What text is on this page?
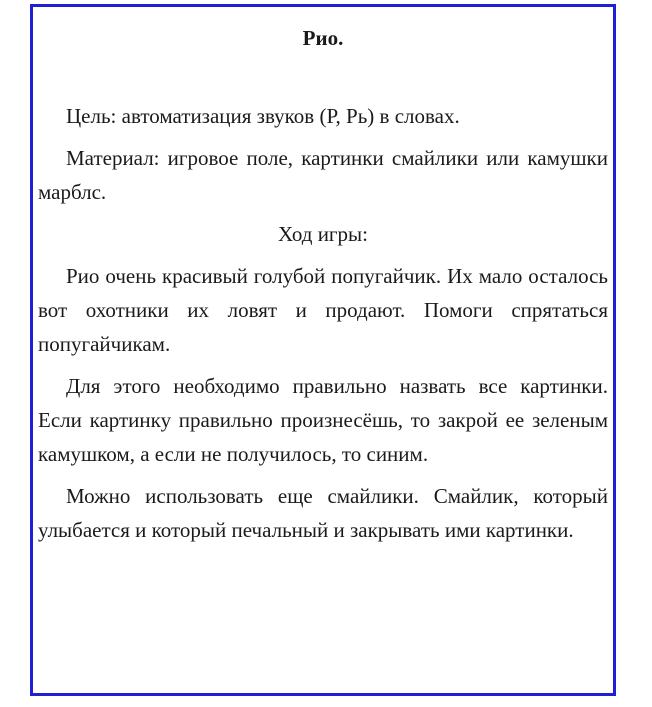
Рио.

Цель: автоматизация звуков (Р, Рь) в словах.

Материал: игровое поле, картинки смайлики или камушки марблс.

Ход игры:

Рио очень красивый голубой попугайчик. Их мало осталось вот охотники их ловят и продают. Помоги спрятаться попугайчикам.

Для этого необходимо правильно назвать все картинки. Если картинку правильно произнесёшь, то закрой ее зеленым камушком, а если не получилось, то синим.

Можно использовать еще смайлики. Смайлик, который улыбается и который печальный и закрывать ими картинки.
